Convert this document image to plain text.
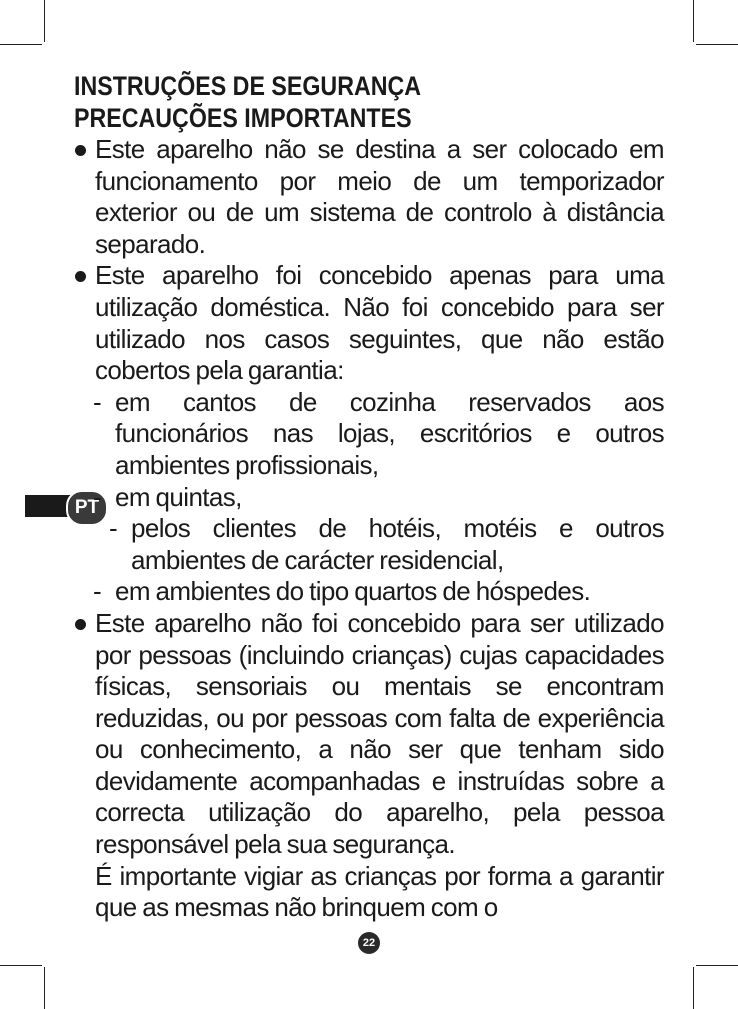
PT
INSTRUÇÕES DE SEGURANÇA
PRECAUÇÕES IMPORTANTES
Este aparelho não se destina a ser colocado em funcionamento por meio de um temporizador exterior ou de um sistema de controlo à distância separado.
Este aparelho foi concebido apenas para uma utilização doméstica. Não foi concebido para ser utilizado nos casos seguintes, que não estão cobertos pela garantia:
- em cantos de cozinha reservados aos funcionários nas lojas, escritórios e outros ambientes profissionais,
- em quintas,
- pelos clientes de hotéis, motéis e outros ambientes de carácter residencial,
- em ambientes do tipo quartos de hóspedes.
Este aparelho não foi concebido para ser utilizado por pessoas (incluindo crianças) cujas capacidades físicas, sensoriais ou mentais se encontram reduzidas, ou por pessoas com falta de experiência ou conhecimento, a não ser que tenham sido devidamente acompanhadas e instruídas sobre a correcta utilização do aparelho, pela pessoa responsável pela sua segurança.
É importante vigiar as crianças por forma a garantir que as mesmas não brinquem com o
22
